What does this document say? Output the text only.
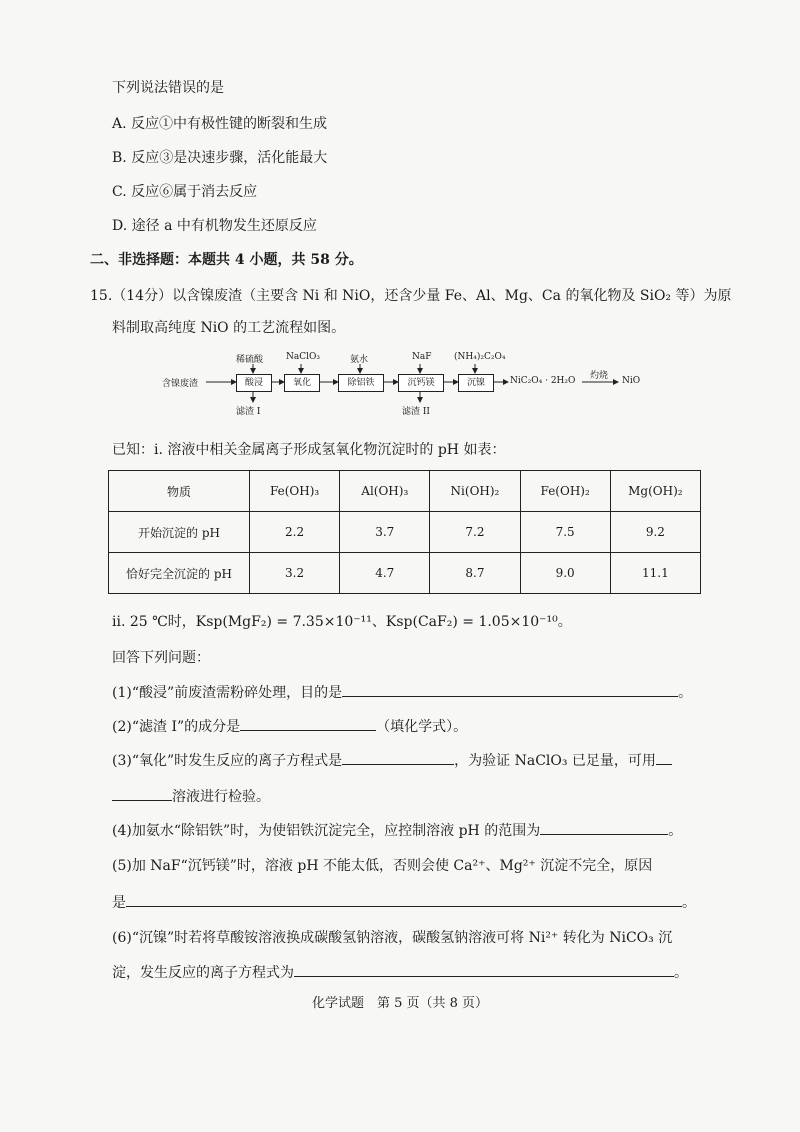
下列说法错误的是
A. 反应①中有极性键的断裂和生成
B. 反应③是决速步骤，活化能最大
C. 反应⑥属于消去反应
D. 途径 a 中有机物发生还原反应
二、非选择题：本题共 4 小题，共 58 分。
15.（14分）以含镍废渣（主要含 Ni 和 NiO，还含少量 Fe、Al、Mg、Ca 的氧化物及 SiO₂ 等）为原
料制取高纯度 NiO 的工艺流程如图。
含镍废渣	酸浸	氧化	除铝铁	沉钙镁	沉镍
稀硫酸	NaClO₃	氨水	NaF	(NH₄)₂C₂O₄
滤渣 I	滤渣 II
NiC₂O₄ · 2H₂O 灼烧 NiO
已知：i. 溶液中相关金属离子形成氢氧化物沉淀时的 pH 如表：
物质	Fe(OH)₃	Al(OH)₃	Ni(OH)₂	Fe(OH)₂	Mg(OH)₂
开始沉淀的 pH	2.2	3.7	7.2	7.5	9.2
恰好完全沉淀的 pH	3.2	4.7	8.7	9.0	11.1
ii. 25 ℃时，Ksp(MgF₂) = 7.35×10⁻¹¹、Ksp(CaF₂) = 1.05×10⁻¹⁰。
回答下列问题：
(1)“酸浸”前废渣需粉碎处理，目的是	。
(2)“滤渣 I”的成分是	（填化学式）。
(3)“氧化”时发生反应的离子方程式是	，为验证 NaClO₃ 已足量，可用
溶液进行检验。
(4)加氨水“除铝铁”时，为使铝铁沉淀完全，应控制溶液 pH 的范围为	。
(5)加 NaF“沉钙镁”时，溶液 pH 不能太低，否则会使 Ca²⁺、Mg²⁺ 沉淀不完全，原因
是	。
(6)“沉镍”时若将草酸铵溶液换成碳酸氢钠溶液，碳酸氢钠溶液可将 Ni²⁺ 转化为 NiCO₃ 沉
淀，发生反应的离子方程式为	。
化学试题　第 5 页（共 8 页）
